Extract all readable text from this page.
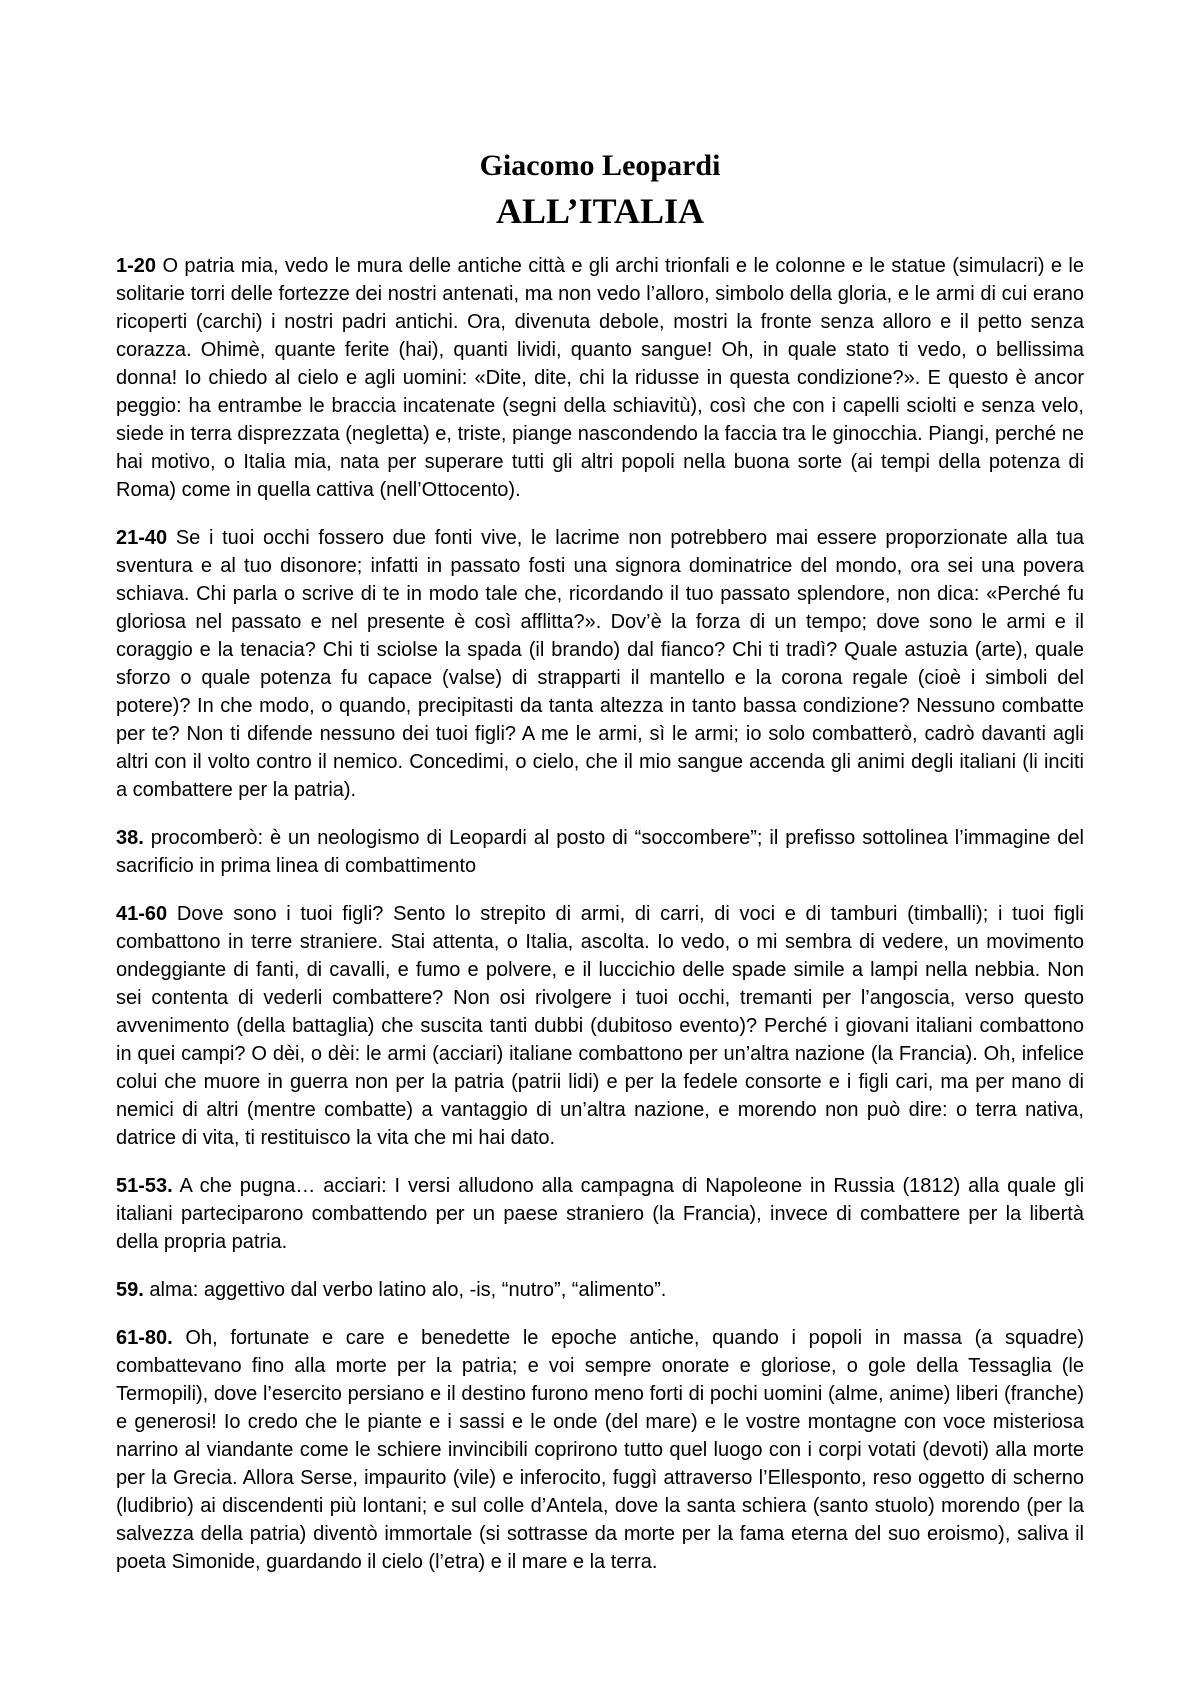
Giacomo Leopardi
ALL’ITALIA

1-20 O patria mia, vedo le mura delle antiche città e gli archi trionfali e le colonne e le statue (simulacri) e le solitarie torri delle fortezze dei nostri antenati, ma non vedo l’alloro, simbolo della gloria, e le armi di cui erano ricoperti (carchi) i nostri padri antichi. Ora, divenuta debole, mostri la fronte senza alloro e il petto senza corazza. Ohimè, quante ferite (hai), quanti lividi, quanto sangue! Oh, in quale stato ti vedo, o bellissima donna! Io chiedo al cielo e agli uomini: «Dite, dite, chi la ridusse in questa condizione?». E questo è ancor peggio: ha entrambe le braccia incatenate (segni della schiavitù), così che con i capelli sciolti e senza velo, siede in terra disprezzata (negletta) e, triste, piange nascondendo la faccia tra le ginocchia. Piangi, perché ne hai motivo, o Italia mia, nata per superare tutti gli altri popoli nella buona sorte (ai tempi della potenza di Roma) come in quella cattiva (nell’Ottocento).

21-40 Se i tuoi occhi fossero due fonti vive, le lacrime non potrebbero mai essere proporzionate alla tua sventura e al tuo disonore; infatti in passato fosti una signora dominatrice del mondo, ora sei una povera schiava. Chi parla o scrive di te in modo tale che, ricordando il tuo passato splendore, non dica: «Perché fu gloriosa nel passato e nel presente è così afflitta?». Dov’è la forza di un tempo; dove sono le armi e il coraggio e la tenacia? Chi ti sciolse la spada (il brando) dal fianco? Chi ti tradì? Quale astuzia (arte), quale sforzo o quale potenza fu capace (valse) di strapparti il mantello e la corona regale (cioè i simboli del potere)? In che modo, o quando, precipitasti da tanta altezza in tanto bassa condizione? Nessuno combatte per te? Non ti difende nessuno dei tuoi figli? A me le armi, sì le armi; io solo combatterò, cadrò davanti agli altri con il volto contro il nemico. Concedimi, o cielo, che il mio sangue accenda gli animi degli italiani (li inciti a combattere per la patria).

38. procomberò: è un neologismo di Leopardi al posto di “soccombere”; il prefisso sottolinea l’immagine del sacrificio in prima linea di combattimento

41-60 Dove sono i tuoi figli? Sento lo strepito di armi, di carri, di voci e di tamburi (timballi); i tuoi figli combattono in terre straniere. Stai attenta, o Italia, ascolta. Io vedo, o mi sembra di vedere, un movimento ondeggiante di fanti, di cavalli, e fumo e polvere, e il luccichio delle spade simile a lampi nella nebbia. Non sei contenta di vederli combattere? Non osi rivolgere i tuoi occhi, tremanti per l’angoscia, verso questo avvenimento (della battaglia) che suscita tanti dubbi (dubitoso evento)? Perché i giovani italiani combattono in quei campi? O dèi, o dèi: le armi (acciari) italiane combattono per un’altra nazione (la Francia). Oh, infelice colui che muore in guerra non per la patria (patrii lidi) e per la fedele consorte e i figli cari, ma per mano di nemici di altri (mentre combatte) a vantaggio di un’altra nazione, e morendo non può dire: o terra nativa, datrice di vita, ti restituisco la vita che mi hai dato.

51-53. A che pugna… acciari: I versi alludono alla campagna di Napoleone in Russia (1812) alla quale gli italiani parteciparono combattendo per un paese straniero (la Francia), invece di combattere per la libertà della propria patria.

59. alma: aggettivo dal verbo latino alo, -is, “nutro”, “alimento”.

61-80. Oh, fortunate e care e benedette le epoche antiche, quando i popoli in massa (a squadre) combattevano fino alla morte per la patria; e voi sempre onorate e gloriose, o gole della Tessaglia (le Termopili), dove l’esercito persiano e il destino furono meno forti di pochi uomini (alme, anime) liberi (franche) e generosi! Io credo che le piante e i sassi e le onde (del mare) e le vostre montagne con voce misteriosa narrino al viandante come le schiere invincibili coprirono tutto quel luogo con i corpi votati (devoti) alla morte per la Grecia. Allora Serse, impaurito (vile) e inferocito, fuggì attraverso l’Ellesponto, reso oggetto di scherno (ludibrio) ai discendenti più lontani; e sul colle d’Antela, dove la santa schiera (santo stuolo) morendo (per la salvezza della patria) diventò immortale (si sottrasse da morte per la fama eterna del suo eroismo), saliva il poeta Simonide, guardando il cielo (l’etra) e il mare e la terra.
